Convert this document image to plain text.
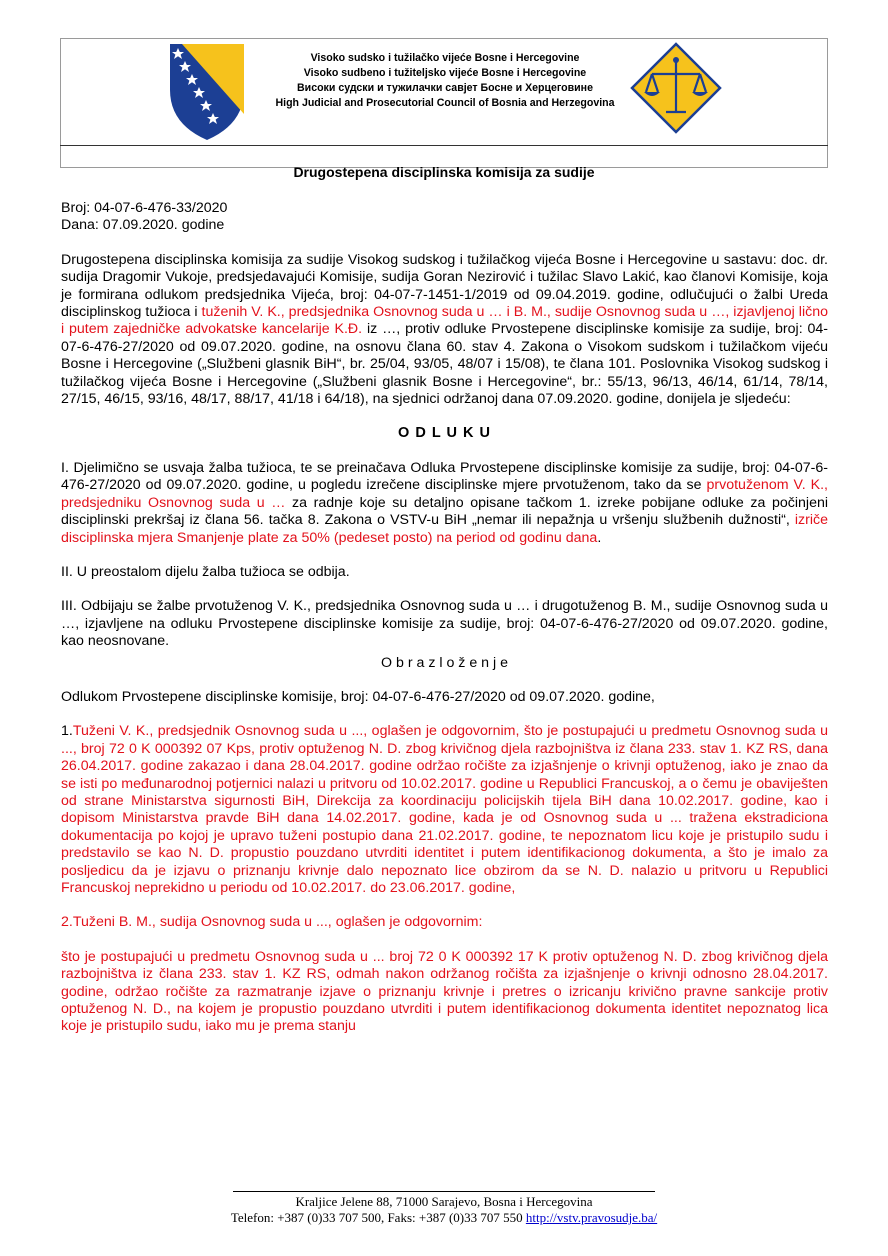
Visoko sudsko i tužilačko vijeće Bosne i Hercegovine
Visoko sudbeno i tužiteljsko vijeće Bosne i Hercegovine
Високи судски и тужилачки савјет Босне и Херцеговине
High Judicial and Prosecutorial Council of Bosnia and Herzegovina
Drugostepena disciplinska komisija za sudije

Broj: 04-07-6-476-33/2020

Dana: 07.09.2020. godine

Drugostepena disciplinska komisija za sudije Visokog sudskog i tužilačkog vijeća Bosne i Hercegovine u sastavu: doc. dr. sudija Dragomir Vukoje, predsjedavajući Komisije, sudija Goran Nezirović i tužilac Slavo Lakić, kao članovi Komisije, koja je formirana odlukom predsjednika Vijeća, broj: 04-07-7-1451-1/2019 od 09.04.2019. godine, odlučujući o žalbi Ureda disciplinskog tužioca i tuženih V. K., predsjednika Osnovnog suda u … i B. M., sudije Osnovnog suda u …, izjavljenoj lično i putem zajedničke advokatske kancelarije K.Đ. iz …, protiv odluke Prvostepene disciplinske komisije za sudije, broj: 04-07-6-476-27/2020 od 09.07.2020. godine, na osnovu člana 60. stav 4. Zakona o Visokom sudskom i tužilačkom vijeću Bosne i Hercegovine („Službeni glasnik BiH“, br. 25/04, 93/05, 48/07 i 15/08), te člana 101. Poslovnika Visokog sudskog i tužilačkog vijeća Bosne i Hercegovine („Službeni glasnik Bosne i Hercegovine“, br.: 55/13, 96/13, 46/14, 61/14, 78/14, 27/15, 46/15, 93/16, 48/17, 88/17, 41/18 i 64/18), na sjednici održanoj dana 07.09.2020. godine, donijela je sljedeću:

O D L U K U

I. Djelimično se usvaja žalba tužioca, te se preinačava Odluka Prvostepene disciplinske komisije za sudije, broj: 04-07-6-476-27/2020 od 09.07.2020. godine, u pogledu izrečene disciplinske mjere prvotuženom, tako da se prvotuženom V. K., predsjedniku Osnovnog suda u … za radnje koje su detaljno opisane tačkom 1. izreke pobijane odluke za počinjeni disciplinski prekršaj iz člana 56. tačka 8. Zakona o VSTV-u BiH „nemar ili nepažnja u vršenju službenih dužnosti“, izriče disciplinska mjera Smanjenje plate za 50% (pedeset posto) na period od godinu dana.

II. U preostalom dijelu žalba tužioca se odbija.

III. Odbijaju se žalbe prvotuženog V. K., predsjednika Osnovnog suda u … i drugotuženog B. M., sudije Osnovnog suda u …, izjavljene na odluku Prvostepene disciplinske komisije za sudije, broj: 04-07-6-476-27/2020 od 09.07.2020. godine, kao neosnovane.

O b r a z l o ž e n j e

Odlukom Prvostepene disciplinske komisije, broj: 04-07-6-476-27/2020 od 09.07.2020. godine,

1.Tuženi V. K., predsjednik Osnovnog suda u ..., oglašen je odgovornim, što je postupajući u predmetu Osnovnog suda u ..., broj 72 0 K 000392 07 Kps, protiv optuženog N. D. zbog krivičnog djela razbojništva iz člana 233. stav 1. KZ RS, dana 26.04.2017. godine zakazao i dana 28.04.2017. godine održao ročište za izjašnjenje o krivnji optuženog, iako je znao da se isti po međunarodnoj potjernici nalazi u pritvoru od 10.02.2017. godine u Republici Francuskoj, a o čemu je obaviješten od strane Ministarstva sigurnosti BiH, Direkcija za koordinaciju policijskih tijela BiH dana 10.02.2017. godine, kao i dopisom Ministarstva pravde BiH dana 14.02.2017. godine, kada je od Osnovnog suda u ... tražena ekstradiciona dokumentacija po kojoj je upravo tuženi postupio dana 21.02.2017. godine, te nepoznatom licu koje je pristupilo sudu i predstavilo se kao N. D. propustio pouzdano utvrditi identitet i putem identifikacionog dokumenta, a što je imalo za posljedicu da je izjavu o priznanju krivnje dalo nepoznato lice obzirom da se N. D. nalazio u pritvoru u Republici Francuskoj neprekidno u periodu od 10.02.2017. do 23.06.2017. godine,

2.Tuženi B. M., sudija Osnovnog suda u ..., oglašen je odgovornim:

što je postupajući u predmetu Osnovnog suda u ... broj 72 0 K 000392 17 K protiv optuženog N. D. zbog krivičnog djela razbojništva iz člana 233. stav 1. KZ RS, odmah nakon održanog ročišta za izjašnjenje o krivnji odnosno 28.04.2017. godine, održao ročište za razmatranje izjave o priznanju krivnje i pretres o izricanju krivično pravne sankcije protiv optuženog N. D., na kojem je propustio pouzdano utvrditi i putem identifikacionog dokumenta identitet nepoznatog lica koje je pristupilo sudu, iako mu je prema stanju

Kraljice Jelene 88, 71000 Sarajevo, Bosna i Hercegovina
Telefon: +387 (0)33 707 500, Faks: +387 (0)33 707 550 http://vstv.pravosudje.ba/
